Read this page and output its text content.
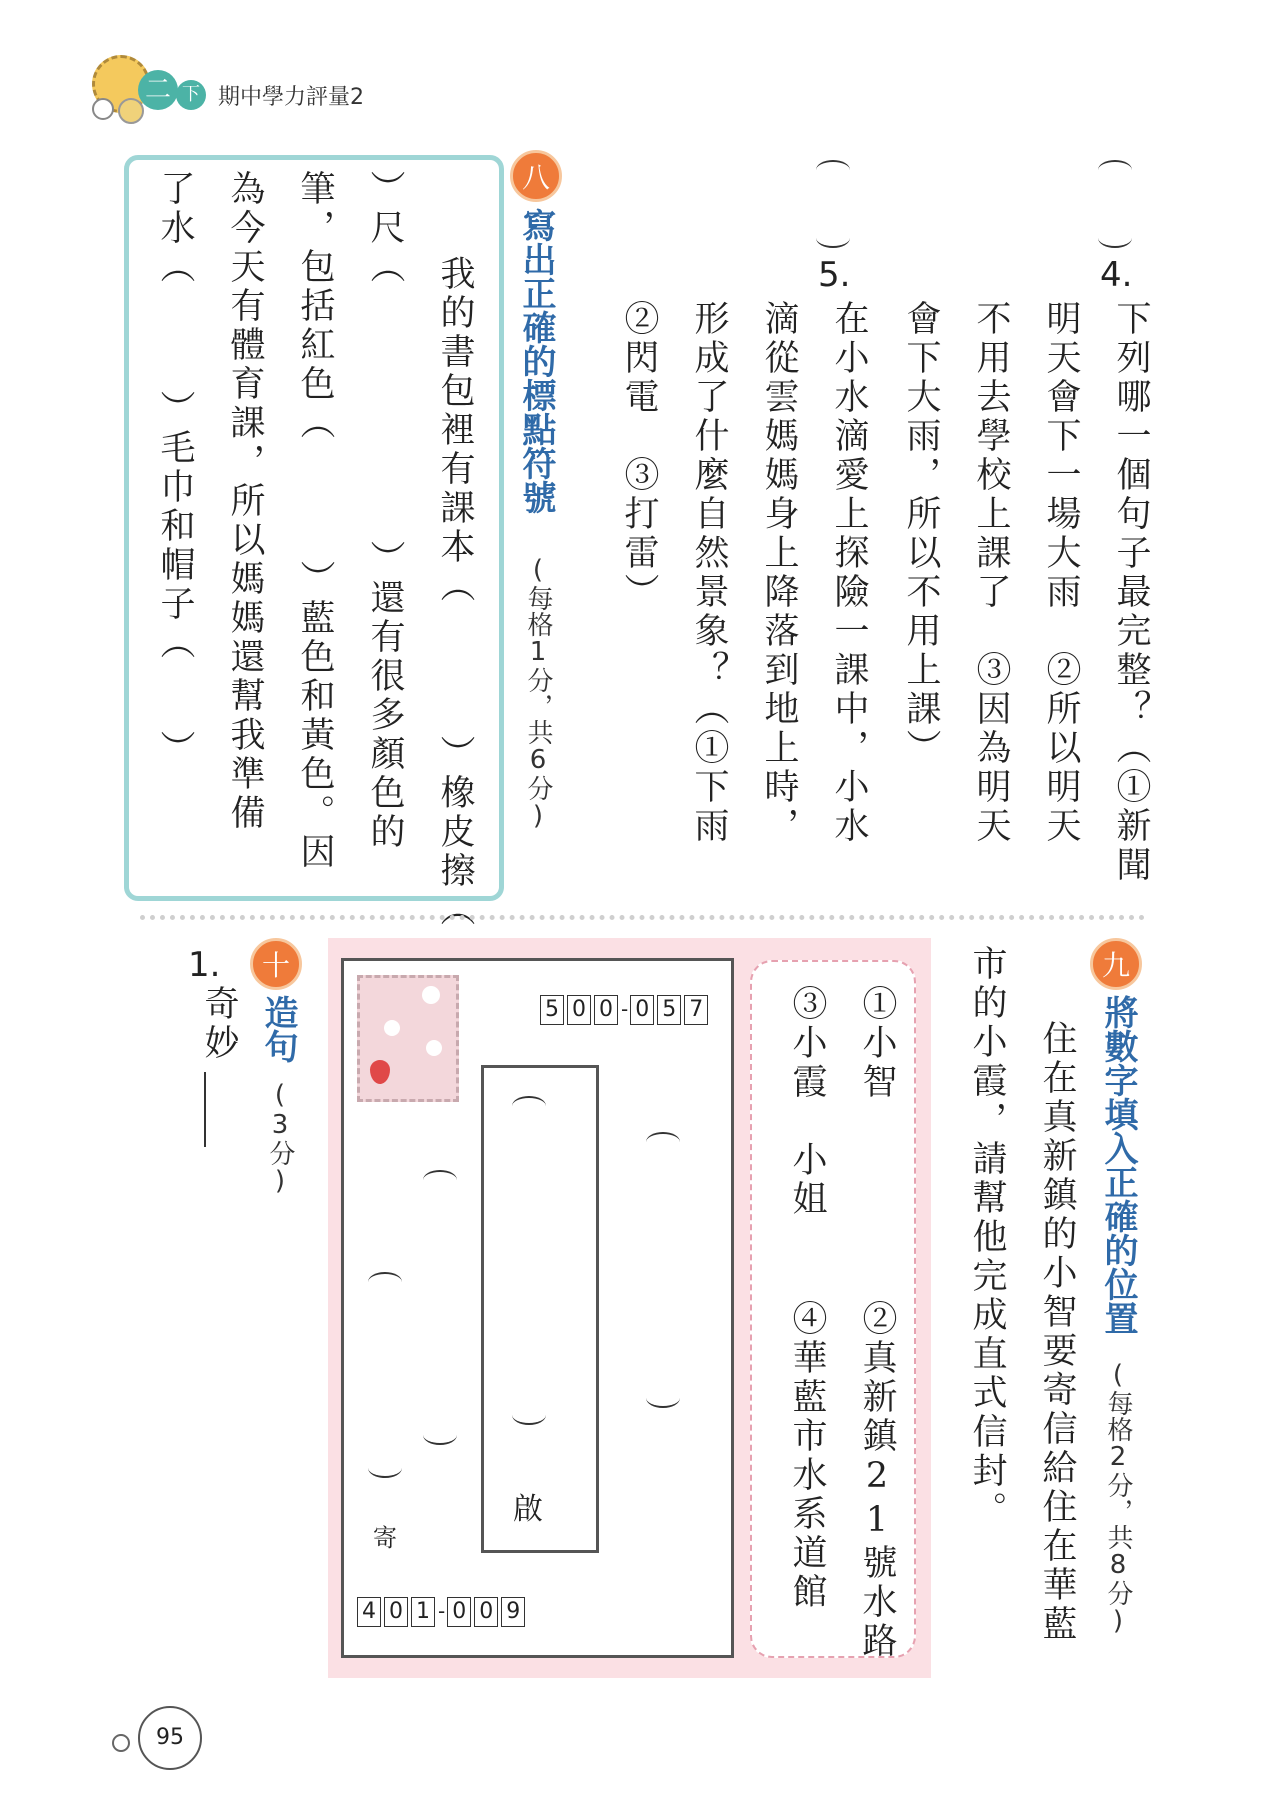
二 下 期中學力評量2
八
寫出正確的標點符號
(每格1分，共6分)
我的書包裡有課本（
）橡皮擦（
）尺（
）還有很多顏色的
筆，包括紅色（
）藍色和黃色。因
為今天有體育課，所以媽媽還幫我準備
了水（
）毛巾和帽子（
）
4.
下列哪一個句子最完整？（①新聞
明天會下一場大雨　②所以明天
不用去學校上課了　③因為明天
會下大雨，所以不用上課）
5.
在小水滴愛上探險一課中，小水
滴從雲媽媽身上降落到地上時，
形成了什麼自然景象？（①下雨
②閃電　③打雷）
九
將數字填入正確的位置
(每格2分，共8分)
住在真新鎮的小智要寄信給住在華藍
市的小霞，請幫他完成直式信封。
①小智
②真新鎮21號水路
③小霞　小姐
④華藍市水系道館
5 0 0 - 0 5 7
啟
寄
4 0 1 - 0 0 9
十
造句
(3分)
1.
奇妙
95
